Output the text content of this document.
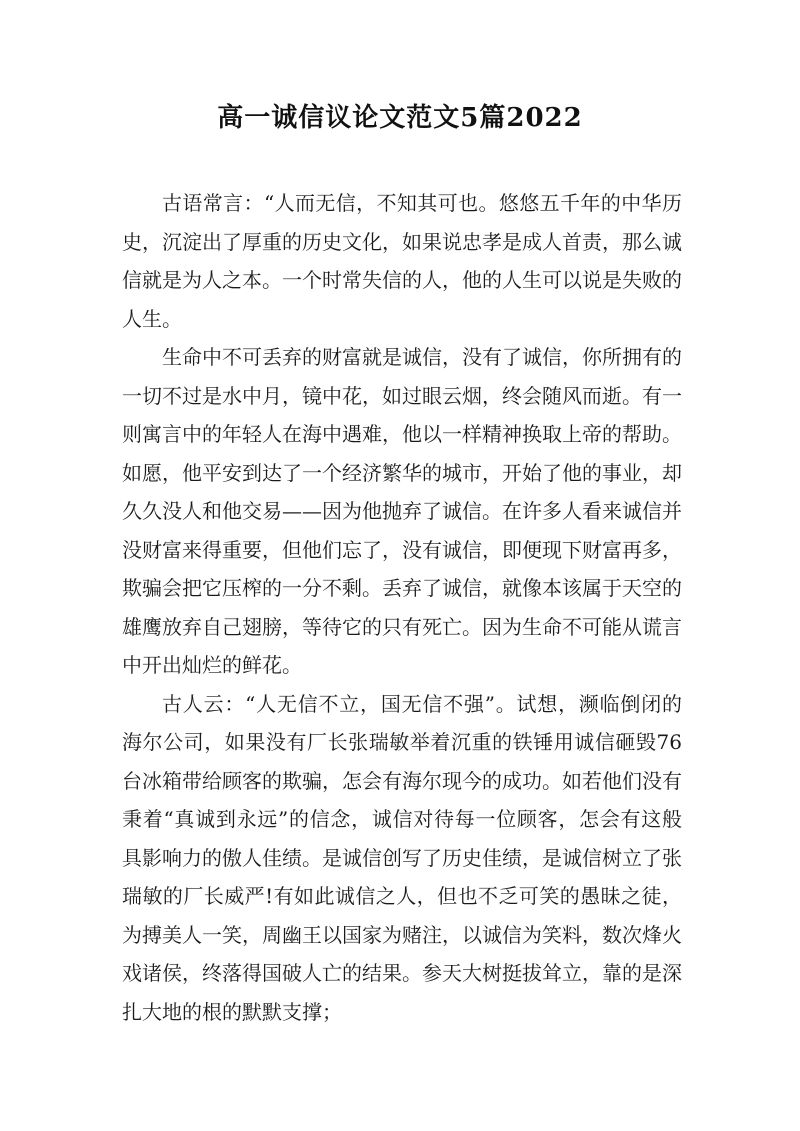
高一诚信议论文范文5篇2022

古语常言：“人而无信，不知其可也。悠悠五千年的中华历史，沉淀出了厚重的历史文化，如果说忠孝是成人首责，那么诚信就是为人之本。一个时常失信的人，他的人生可以说是失败的人生。

生命中不可丢弃的财富就是诚信，没有了诚信，你所拥有的一切不过是水中月，镜中花，如过眼云烟，终会随风而逝。有一则寓言中的年轻人在海中遇难，他以一样精神换取上帝的帮助。如愿，他平安到达了一个经济繁华的城市，开始了他的事业，却久久没人和他交易——因为他抛弃了诚信。在许多人看来诚信并没财富来得重要，但他们忘了，没有诚信，即便现下财富再多，欺骗会把它压榨的一分不剩。丢弃了诚信，就像本该属于天空的雄鹰放弃自己翅膀，等待它的只有死亡。因为生命不可能从谎言中开出灿烂的鲜花。

古人云：“人无信不立，国无信不强”。试想，濒临倒闭的海尔公司，如果没有厂长张瑞敏举着沉重的铁锤用诚信砸毁76台冰箱带给顾客的欺骗，怎会有海尔现今的成功。如若他们没有秉着“真诚到永远”的信念，诚信对待每一位顾客，怎会有这般具影响力的傲人佳绩。是诚信创写了历史佳绩，是诚信树立了张瑞敏的厂长威严!有如此诚信之人，但也不乏可笑的愚昧之徒，为搏美人一笑，周幽王以国家为赌注，以诚信为笑料，数次烽火戏诸侯，终落得国破人亡的结果。参天大树挺拔耸立，靠的是深扎大地的根的默默支撑；
